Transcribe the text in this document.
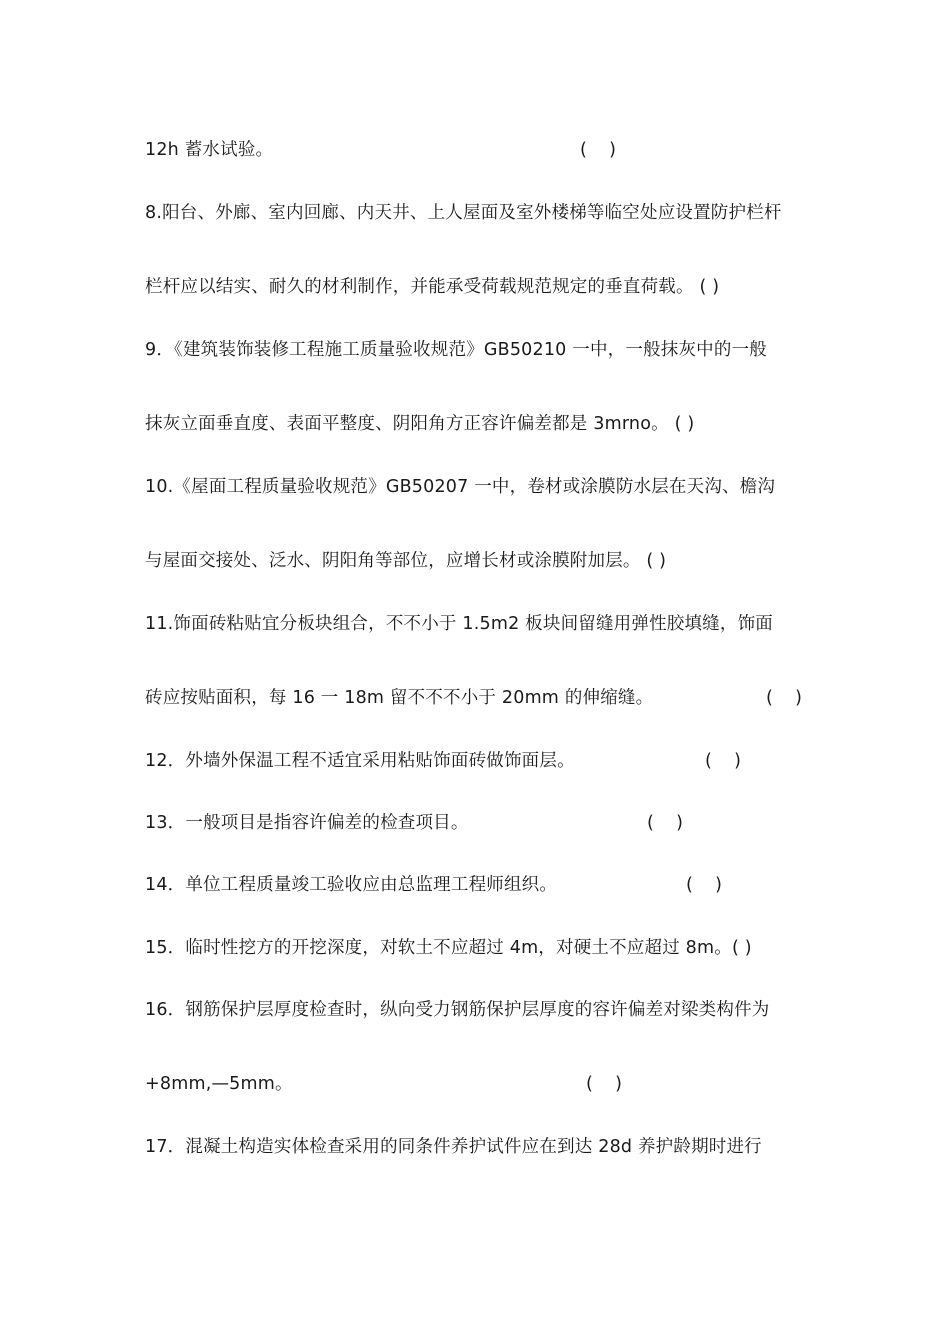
12h 蓄水试验。	(    )
8.阳台、外廊、室内回廊、内天井、上人屋面及室外楼梯等临空处应设置防护栏杆
栏杆应以结实、耐久的材利制作，并能承受荷载规范规定的垂直荷载。 ( )
9．《建筑装饰装修工程施工质量验收规范》GB50210 一中，一般抹灰中的一般
抹灰立面垂直度、表面平整度、阴阳角方正容许偏差都是 3mrno。 ( )
10.《屋面工程质量验收规范》GB50207 一中，卷材或涂膜防水层在天沟、檐沟
与屋面交接处、泛水、阴阳角等部位，应增长材或涂膜附加层。 ( )
11.饰面砖粘贴宜分板块组合，不不小于 1.5m2 板块间留缝用弹性胶填缝，饰面
砖应按贴面积，每 16 一 18m 留不不不小于 20mm 的伸缩缝。	(    )
12．外墙外保温工程不适宜采用粘贴饰面砖做饰面层。	(    )
13．一般项目是指容许偏差的检查项目。	(    )
14．单位工程质量竣工验收应由总监理工程师组织。	(    )
15．临时性挖方的开挖深度，对软土不应超过 4m，对硬土不应超过 8m。( )
16．钢筋保护层厚度检查时，纵向受力钢筋保护层厚度的容许偏差对梁类构件为
+8mm,—5mm。	(    )
17．混凝土构造实体检查采用的同条件养护试件应在到达 28d 养护龄期时进行
